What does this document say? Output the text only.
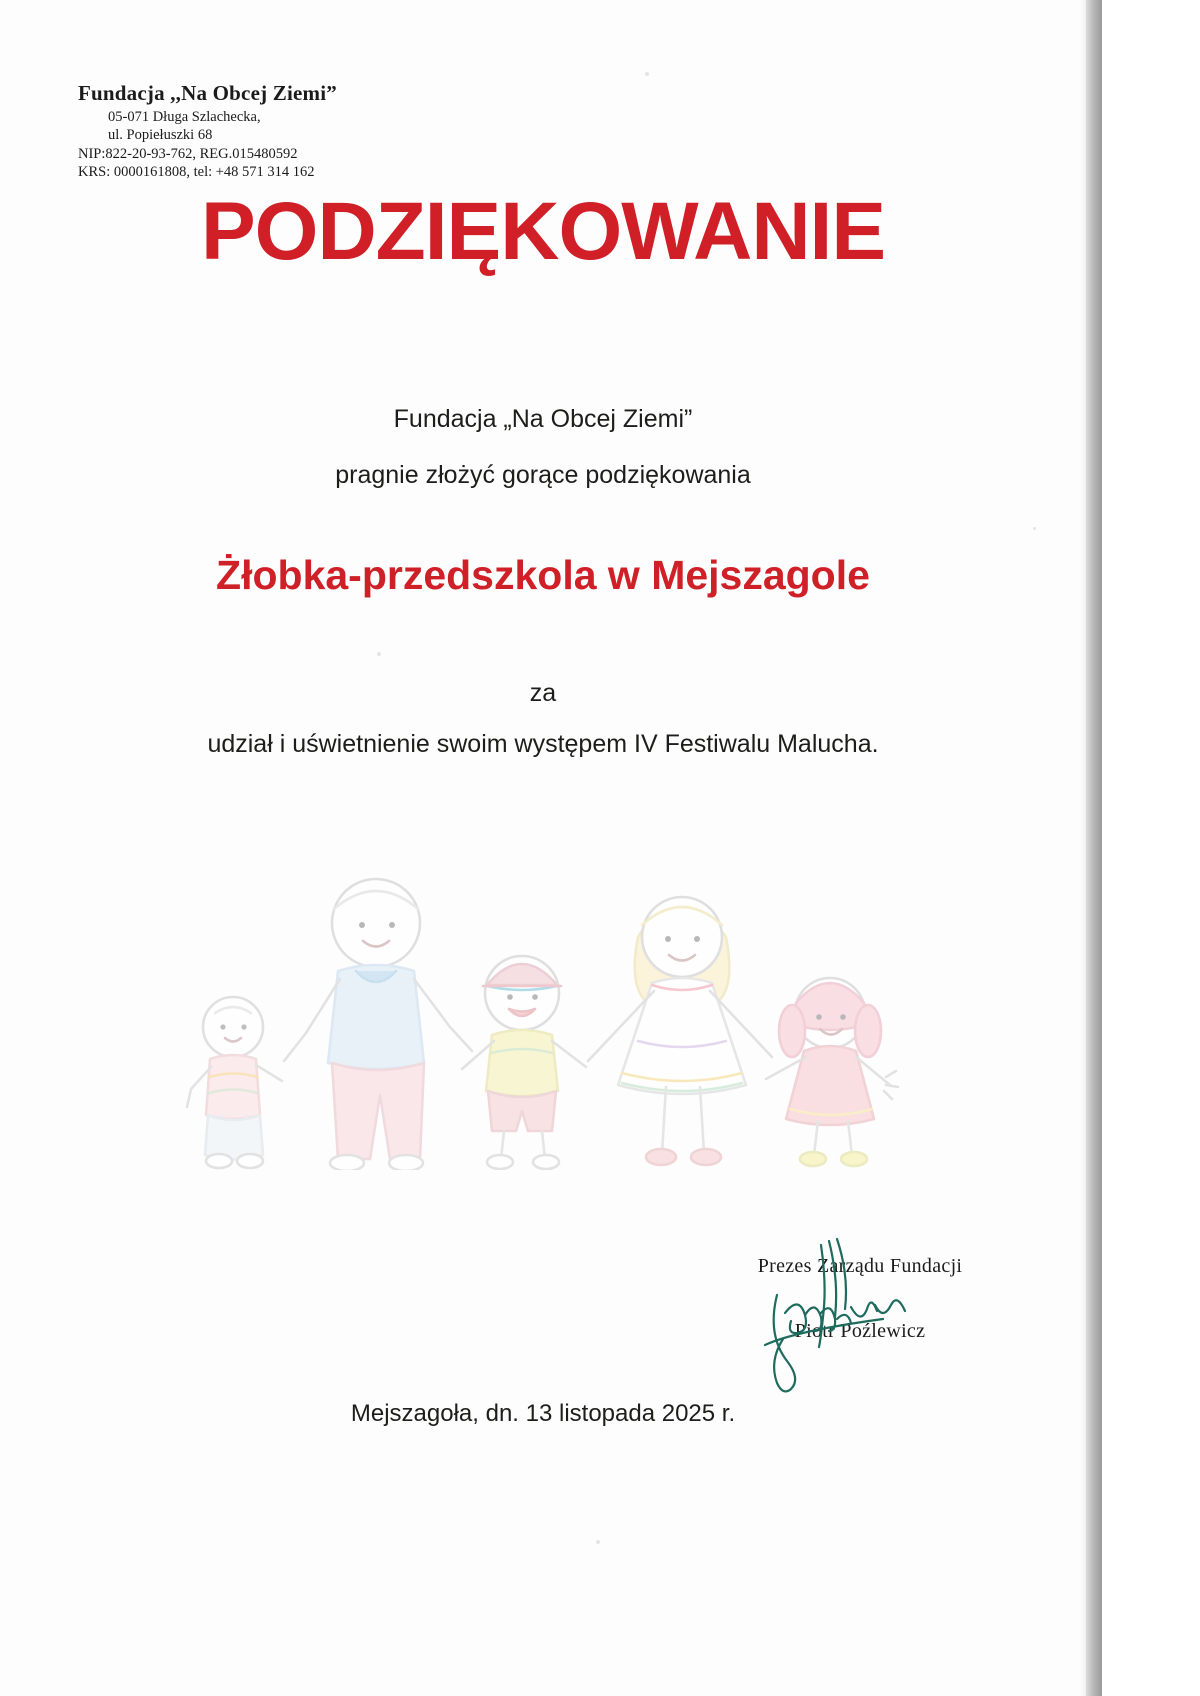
Fundacja ,,Na Obcej Ziemi”
05-071 Długa Szlachecka,
ul. Popiełuszki 68
NIP:822-20-93-762, REG.015480592
KRS: 0000161808, tel: +48 571 314 162
PODZIĘKOWANIE
Fundacja „Na Obcej Ziemi”
pragnie złożyć gorące podziękowania
Żłobka-przedszkola w Mejszagole
za
udział i uświetnienie swoim występem IV Festiwalu Malucha.
Prezes Zarządu Fundacji
Piotr Poźlewicz
Mejszagoła, dn. 13 listopada 2025 r.
